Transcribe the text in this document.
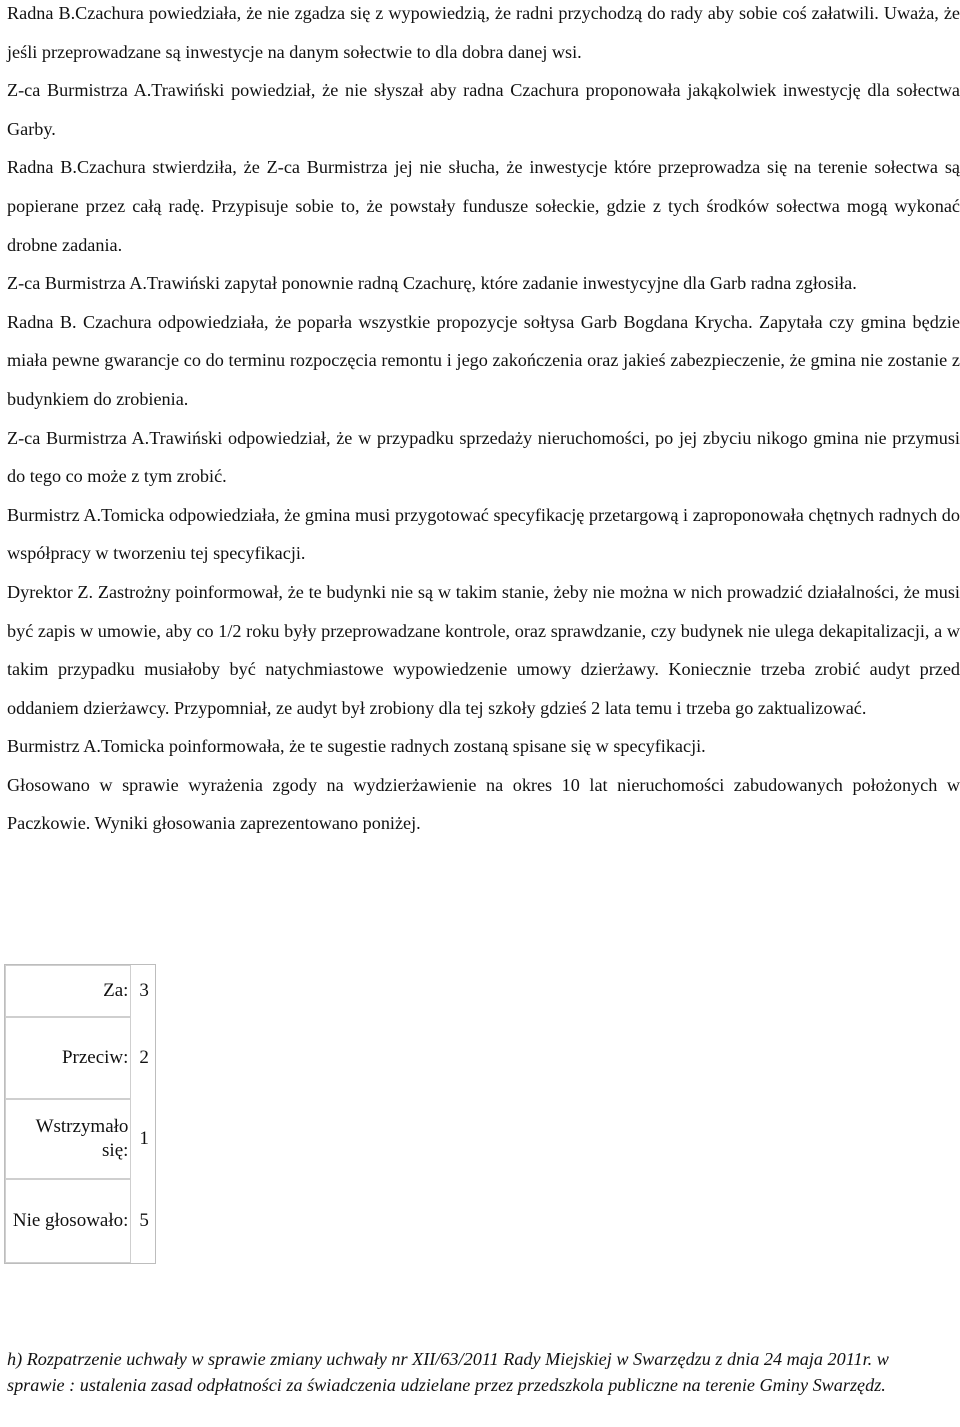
Radna B.Czachura powiedziała, że nie zgadza się z wypowiedzią, że radni przychodzą do rady aby sobie coś załatwili. Uważa, że jeśli przeprowadzane są inwestycje na danym sołectwie to dla dobra danej wsi.

Z-ca Burmistrza A.Trawiński powiedział, że nie słyszał aby radna Czachura proponowała jakąkolwiek inwestycję dla sołectwa Garby.

Radna B.Czachura stwierdziła, że Z-ca Burmistrza jej nie słucha, że inwestycje które przeprowadza się na terenie sołectwa są popierane przez całą radę. Przypisuje sobie to, że powstały fundusze sołeckie, gdzie z tych środków sołectwa mogą wykonać drobne zadania.

Z-ca Burmistrza A.Trawiński zapytał ponownie radną Czachurę, które zadanie inwestycyjne dla Garb radna zgłosiła.

Radna B. Czachura odpowiedziała, że poparła wszystkie propozycje sołtysa Garb Bogdana Krycha. Zapytała czy gmina będzie miała pewne gwarancje co do terminu rozpoczęcia remontu i jego zakończenia oraz jakieś zabezpieczenie, że gmina nie zostanie z budynkiem do zrobienia.

Z-ca Burmistrza A.Trawiński odpowiedział, że w przypadku sprzedaży nieruchomości, po jej zbyciu nikogo gmina nie przymusi do tego co może z tym zrobić.

Burmistrz A.Tomicka odpowiedziała, że gmina musi przygotować specyfikację przetargową i zaproponowała chętnych radnych do współpracy w tworzeniu tej specyfikacji.

Dyrektor Z. Zastrożny poinformował, że te budynki nie są w takim stanie, żeby nie można w nich prowadzić działalności, że musi być zapis w umowie, aby co 1/2 roku były przeprowadzane kontrole, oraz sprawdzanie, czy budynek nie ulega dekapitalizacji, a w takim przypadku musiałoby być natychmiastowe wypowiedzenie umowy dzierżawy. Koniecznie trzeba zrobić audyt przed oddaniem dzierżawcy. Przypomniał, ze audyt był zrobiony dla tej szkoły gdzieś 2 lata temu i trzeba go zaktualizować.

Burmistrz A.Tomicka poinformowała, że te sugestie radnych zostaną spisane się w specyfikacji.

Głosowano w sprawie wyrażenia zgody na wydzierżawienie na okres 10 lat nieruchomości zabudowanych położonych w Paczkowie. Wyniki głosowania zaprezentowano poniżej.

Za:	3
Przeciw:	2
Wstrzymało się:	1
Nie głosowało:	5

h) Rozpatrzenie uchwały w sprawie zmiany uchwały nr XII/63/2011 Rady Miejskiej w Swarzędzu z dnia 24 maja 2011r. w sprawie : ustalenia zasad odpłatności za świadczenia udzielane przez przedszkola publiczne na terenie Gminy Swarzędz.
